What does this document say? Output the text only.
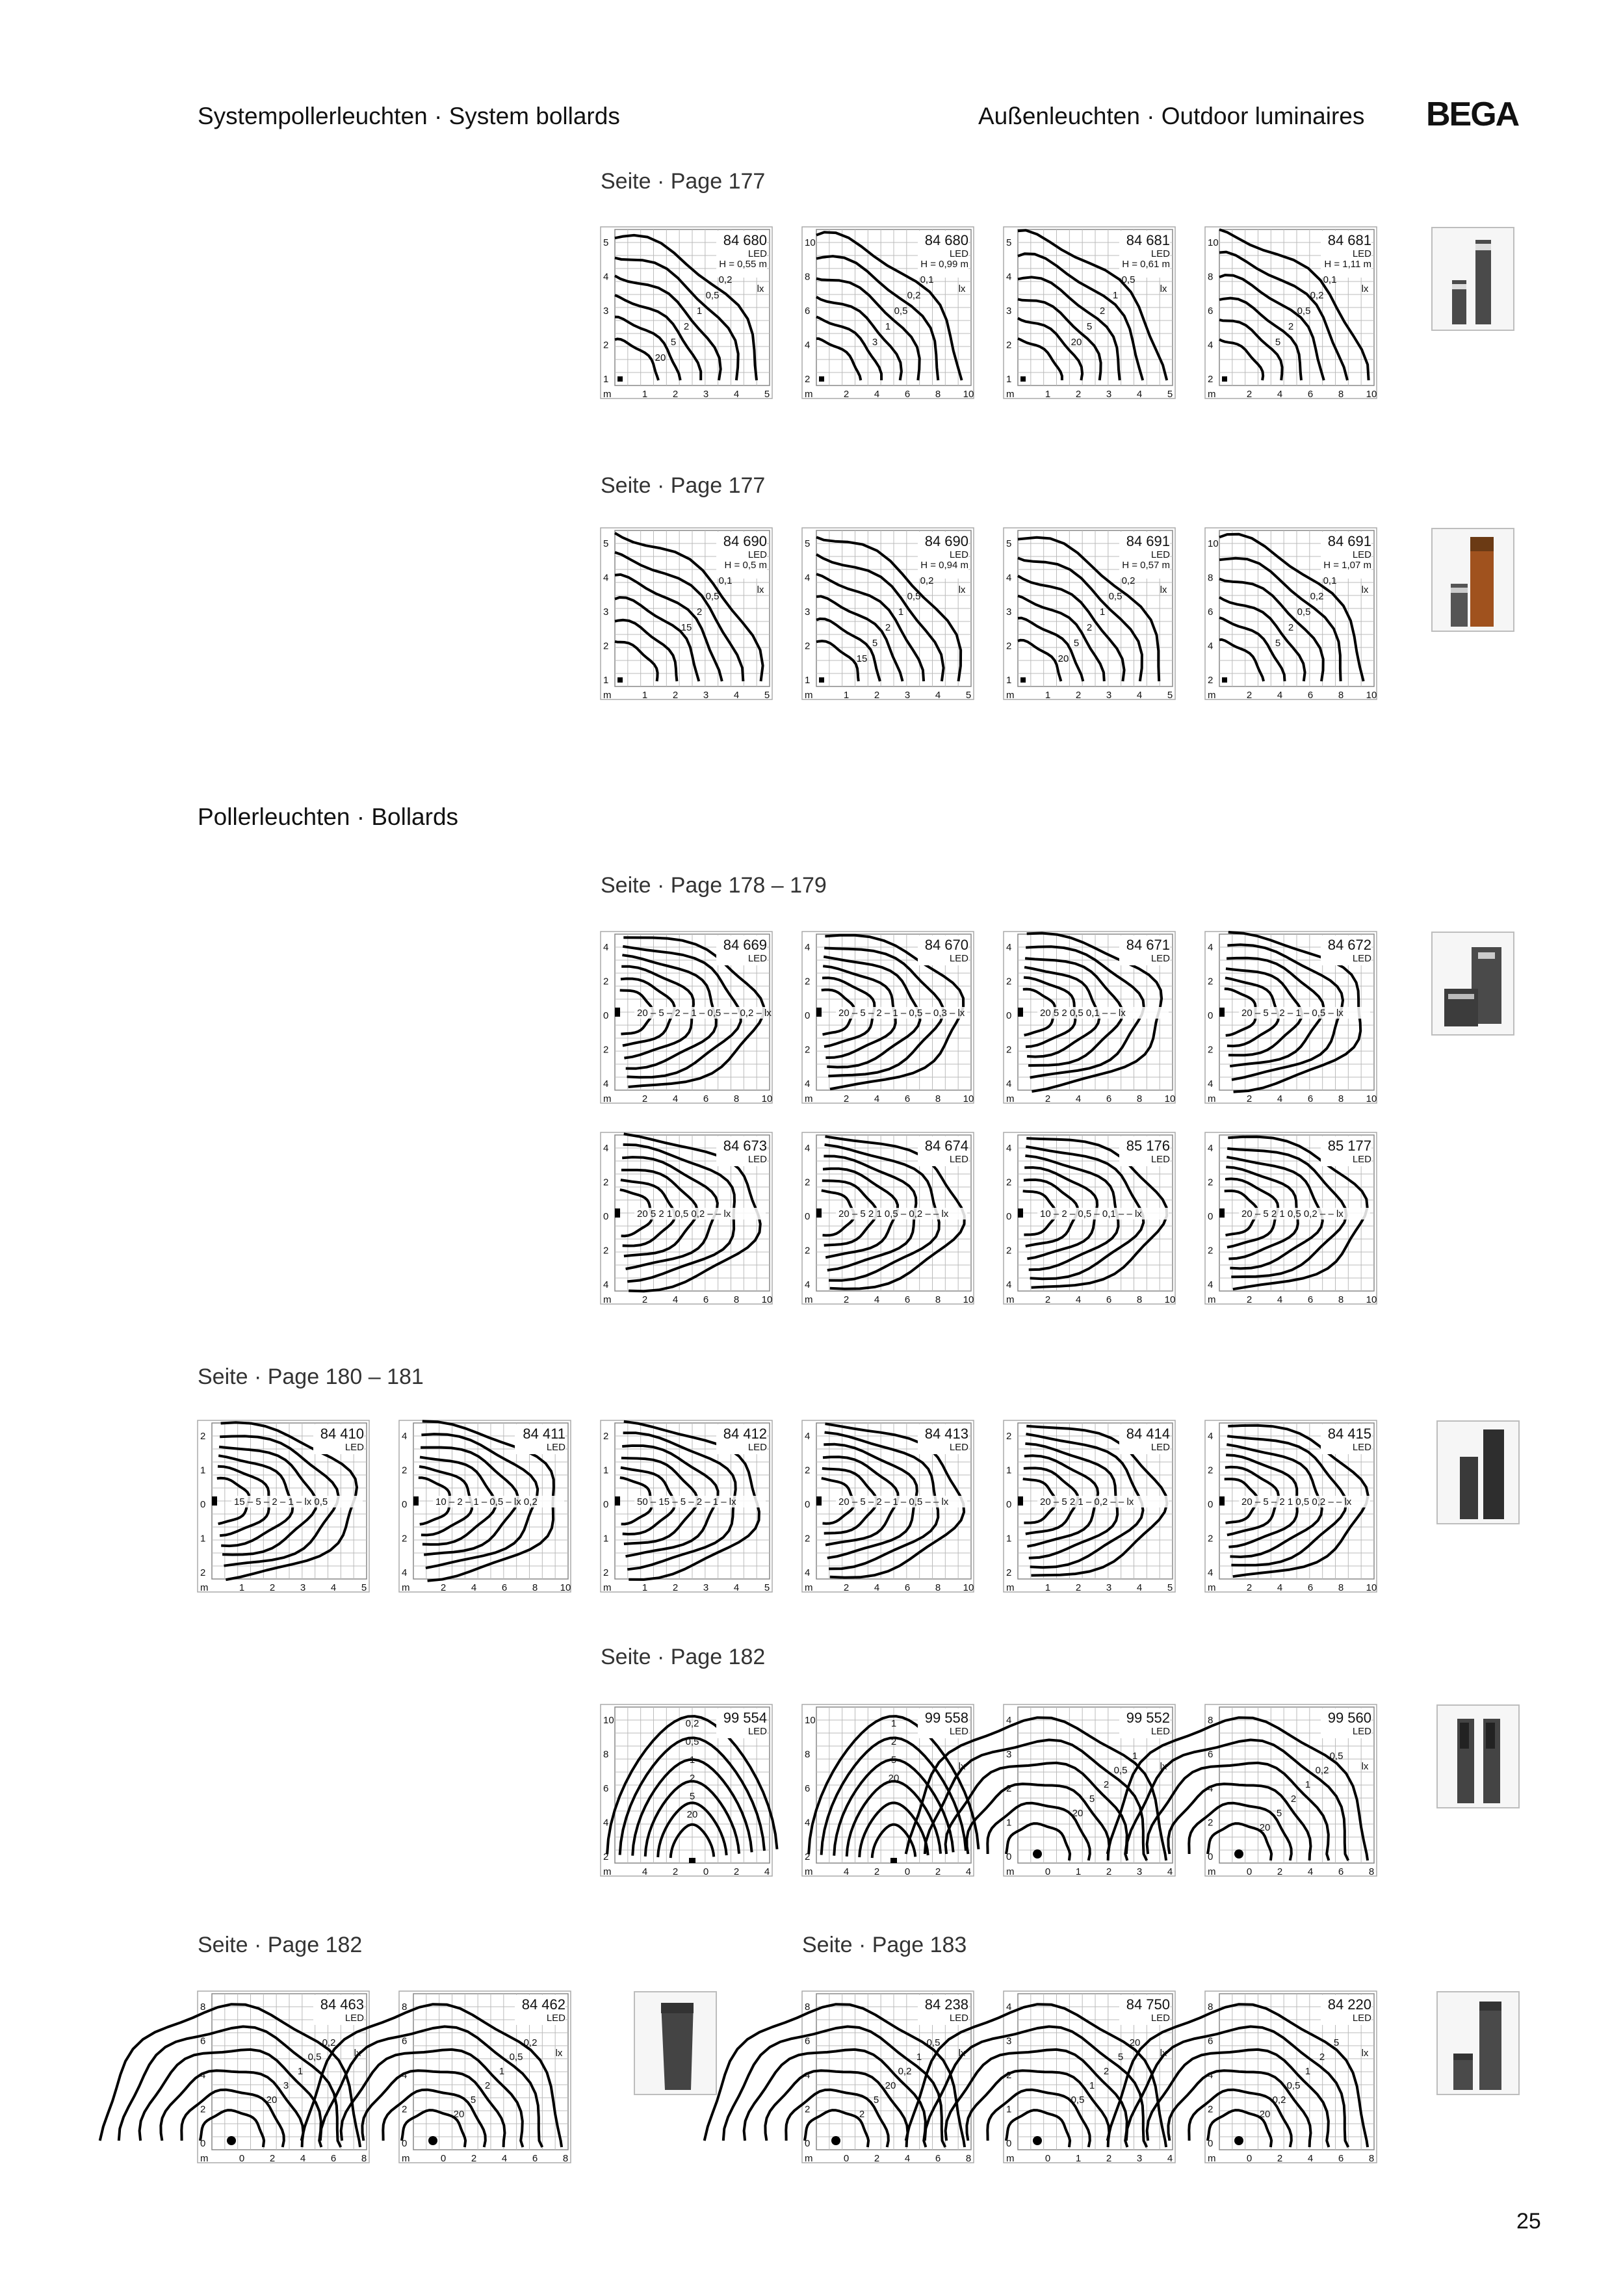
Systempollerleuchten · System bollards	Außenleuchten · Outdoor luminaires BEGA
Seite · Page 177
Seite · Page 177
Pollerleuchten · Bollards
Seite · Page 178 – 179
Seite · Page 180 – 181
Seite · Page 182
Seite · Page 182	Seite · Page 183
84 680
LED
H = 0,55 m
5
4
3
2
1
m	1	2	3	4	5
0,2
0,5
1
2
5
20
lx
84 680
LED
H = 0,99 m
10
8
6
4
2
m	2	4	6	8 10
0,1
0,2
0,5
1
3
lx
84 681
LED
H = 0,61 m
5
4
3
2
1
m	1	2	3	4	5
0,5
1
2
5
20
lx
84 681
LED
H = 1,11 m
10
8
6
4
2
m	2	4	6	8 10
0,1
0,2
0,5
2
5
lx
84 690
LED
H = 0,5 m
5
4
3
2
1
m	1	2	3	4	5
0,1
0,5
2
15
lx
84 690
LED
H = 0,94 m
5
4
3
2
1
m	1	2	3	4	5
0,2
0,5
1
2
5
15
lx
84 691
LED
H = 0,57 m
5
4
3
2
1
m	1	2	3	4	5
0,2
0,5
1
2
5
20
lx
84 691
LED
H = 1,07 m
10
8
6
4
2
m	2	4	6	8 10
0,1
0,2
0,5
2
5
lx
84 669
LED
4
2
0
2
4
m	2	4	6	8 10
20 – 5 – 2 – 1 – 0,5 – – 0,2 – lx
84 670
LED
4
2
0
2
4
m	2	4	6	8 10
20 – 5 – 2 – 1 – 0,5 – 0,3 – lx
84 671
LED
4
2
0
2
4
m	2	4	6	8 10
20 5 2 0,5 0,1 – – lx
84 672
LED
4
2
0
2
4
m	2	4	6	8 10
20 – 5 – 2 – 1 – 0,5 – lx
84 673
LED
4
2
0
2
4
m	2	4	6	8 10
20 5 2 1 0,5 0,2 – – lx
84 674
LED
4
2
0
2
4
m	2	4	6	8 10
20 – 5 2 1 0,5 – 0,2 – – lx
85 176
LED
4
2
0
2
4
m	2	4	6	8 10
10 – 2 – 0,5 – 0,1 – – lx
85 177
LED
4
2
0
2
4
m	2	4	6	8 10
20 – 5 2 1 0,5 0,2 – – lx
84 410
LED
2
1
0
1
2
m	1	2	3	4	5
15 – 5 – 2 – 1 – lx 0,5
84 411
LED
4
2
0
2
4
m	2	4	6	8 10
10 – 2 – 1 – 0,5 – lx 0,2
84 412
LED
2
1
0
1
2
m	1	2	3	4	5
50 – 15 – 5 – 2 – 1 – lx
84 413
LED
4
2
0
2
4
m	2	4	6	8 10
20 – 5 – 2 – 1 – 0,5 – – lx
84 414
LED
2
1
0
1
2
m	1	2	3	4	5
20 – 5 2 1 – 0,2 – – lx
84 415
LED
4
2
0
2
4
m	2	4	6	8 10
20 – 5 – 2 1 0,5 0,2 – – lx
99 554
LED
10
8
6
4
2
m	4	2	0	2	4
0,2
0,5
1
2
5
20
99 558
LED
10
8
6
4
2
m	4	2	0	2	4
1
2
5
20
lx
99 552
LED
4
3
2
1
0
m	0	1	2	3	4
1
0,5
2
5
20
lx
99 560
LED
8
6
4
2
0
m	0	2	4	6	8
0,5
0,2
1
2
5
20
lx
84 463
LED
8
6
4
2
0
m	0	2	4	6	8
0,2
0,5
1
3
20
lx
84 462
LED
8
6
4
2
0
m	0	2	4	6	8
0,2
0,5
1
2
5
20
lx
84 238
LED
8
6
4
2
0
m	0	2	4	6	8
0,5
1
0,2
20
5
2
lx
84 750
LED
4
3
2
1
0
m	0	1	2	3	4
20
5
2
1
0,5
lx
84 220
LED
8
6
4
2
0
m	0	2	4	6	8
5
2
1
0,5
0,2
20
lx
25
